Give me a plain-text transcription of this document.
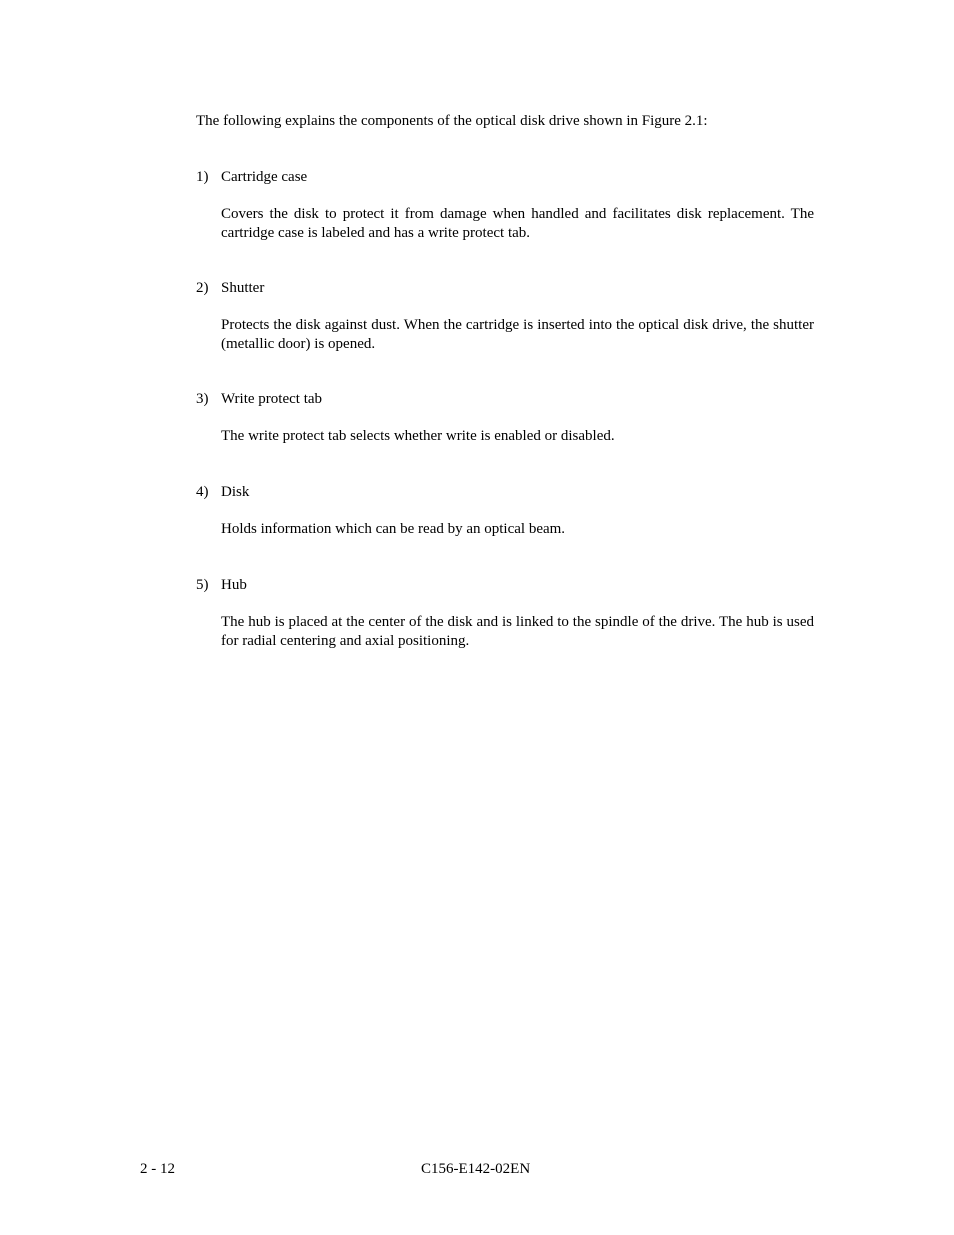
The following explains the components of the optical disk drive shown in Figure 2.1:

1) Cartridge case

Covers the disk to protect it from damage when handled and facilitates disk replacement. The cartridge case is labeled and has a write protect tab.

2) Shutter

Protects the disk against dust. When the cartridge is inserted into the optical disk drive, the shutter (metallic door) is opened.

3) Write protect tab

The write protect tab selects whether write is enabled or disabled.

4) Disk

Holds information which can be read by an optical beam.

5) Hub

The hub is placed at the center of the disk and is linked to the spindle of the drive. The hub is used for radial centering and axial positioning.

2 - 12	C156-E142-02EN
